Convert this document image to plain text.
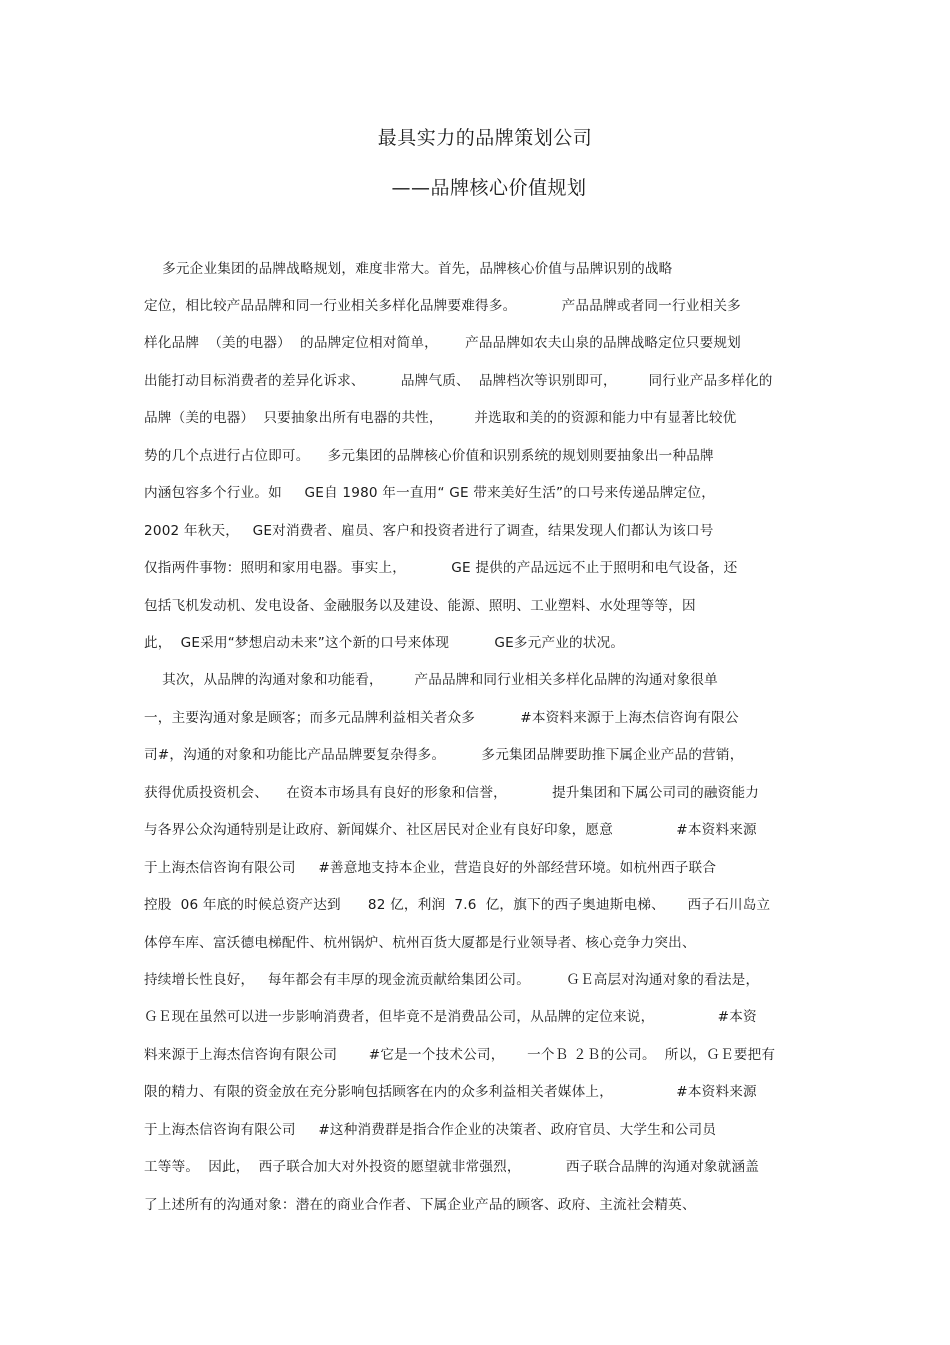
最具实力的品牌策划公司
——品牌核心价值规划
多元企业集团的品牌战略规划，难度非常大。首先，品牌核心价值与品牌识别的战略
定位，相比较产品品牌和同一行业相关多样化品牌要难得多。          产品品牌或者同一行业相关多
样化品牌  （美的电器）  的品牌定位相对简单，      产品品牌如农夫山泉的品牌战略定位只要规划
出能打动目标消费者的差异化诉求、        品牌气质、  品牌档次等识别即可，       同行业产品多样化的
品牌（美的电器）  只要抽象出所有电器的共性，       并选取和美的的资源和能力中有显著比较优
势的几个点进行占位即可。    多元集团的品牌核心价值和识别系统的规划则要抽象出一种品牌
内涵包容多个行业。如     GE自 1980 年一直用“ GE 带来美好生活”的口号来传递品牌定位，
2002 年秋天，   GE对消费者、雇员、客户和投资者进行了调查，结果发现人们都认为该口号
仅指两件事物：照明和家用电器。事实上，          GE 提供的产品远远不止于照明和电气设备，还
包括飞机发动机、发电设备、金融服务以及建设、能源、照明、工业塑料、水处理等等，因
此，  GE采用“梦想启动未来”这个新的口号来体现          GE多元产业的状况。
其次，从品牌的沟通对象和功能看，       产品品牌和同行业相关多样化品牌的沟通对象很单
一，主要沟通对象是顾客；而多元品牌利益相关者众多          #本资料来源于上海杰信咨询有限公
司#，沟通的对象和功能比产品品牌要复杂得多。        多元集团品牌要助推下属企业产品的营销，
获得优质投资机会、    在资本市场具有良好的形象和信誉，          提升集团和下属公司司的融资能力
与各界公众沟通特别是让政府、新闻媒介、社区居民对企业有良好印象，愿意              #本资料来源
于上海杰信咨询有限公司     #善意地支持本企业，营造良好的外部经营环境。如杭州西子联合
控股  06 年底的时候总资产达到      82 亿，利润  7.6  亿，旗下的西子奥迪斯电梯、     西子石川岛立
体停车库、富沃德电梯配件、杭州锅炉、杭州百货大厦都是行业领导者、核心竞争力突出、
持续增长性良好，   每年都会有丰厚的现金流贡献给集团公司。        ＧＥ高层对沟通对象的看法是，
ＧＥ现在虽然可以进一步影响消费者，但毕竟不是消费品公司，从品牌的定位来说，              #本资
料来源于上海杰信咨询有限公司       #它是一个技术公司，     一个Ｂ ２Ｂ的公司。  所以，ＧＥ要把有
限的精力、有限的资金放在充分影响包括顾客在内的众多利益相关者媒体上，              #本资料来源
于上海杰信咨询有限公司     #这种消费群是指合作企业的决策者、政府官员、大学生和公司员
工等等。  因此，  西子联合加大对外投资的愿望就非常强烈，          西子联合品牌的沟通对象就涵盖
了上述所有的沟通对象：潜在的商业合作者、下属企业产品的顾客、政府、主流社会精英、
